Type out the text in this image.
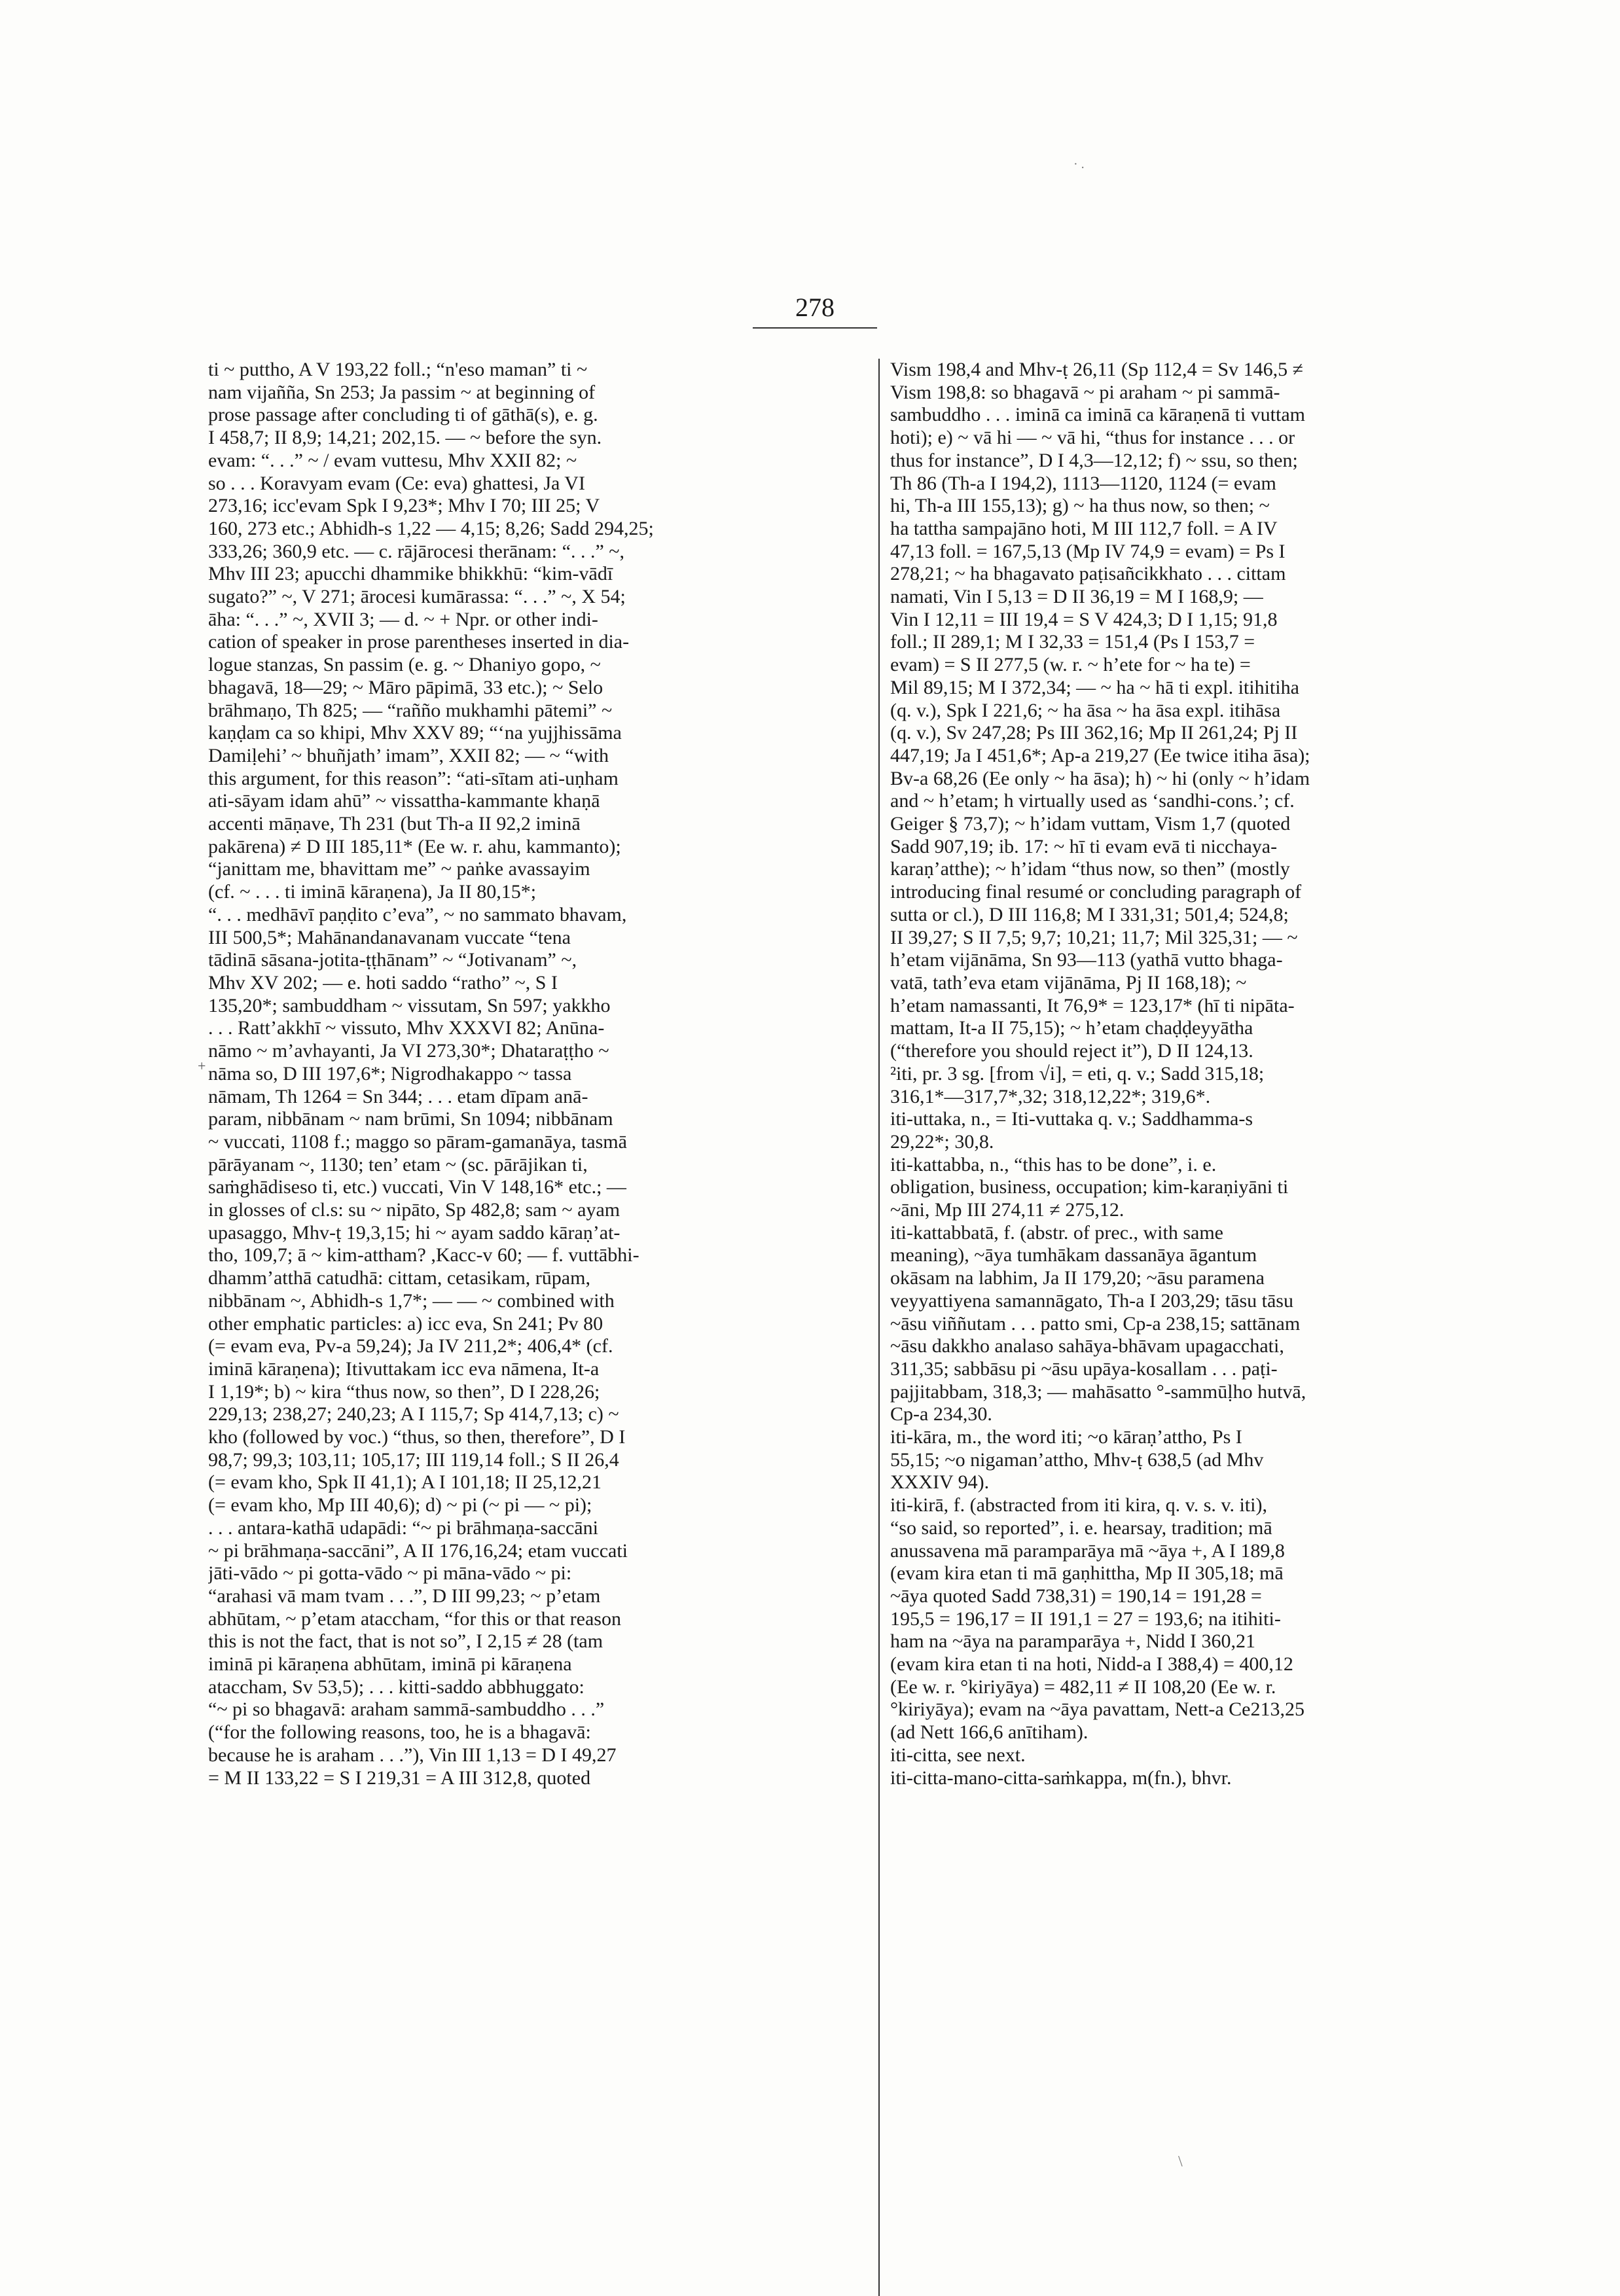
· .
278
+
ti ~ puttho, A V 193,22 foll.; “n'eso maman” ti ~
nam vijañña, Sn 253; Ja passim ~ at beginning of
prose passage after concluding ti of gāthā(s), e. g.
I 458,7; II 8,9; 14,21; 202,15. — ~ before the syn.
evam: “. . .” ~ / evam vuttesu, Mhv XXII 82; ~
so . . . Koravyam evam (Ce: eva) ghattesi, Ja VI
273,16; icc'evam Spk I 9,23*; Mhv I 70; III 25; V
160, 273 etc.; Abhidh-s 1,22 — 4,15; 8,26; Sadd 294,25;
333,26; 360,9 etc. — c. rājārocesi therānam: “. . .” ~,
Mhv III 23; apucchi dhammike bhikkhū: “kim-vādī
sugato?” ~, V 271; ārocesi kumārassa: “. . .” ~, X 54;
āha: “. . .” ~, XVII 3; — d. ~ + Npr. or other indi-
cation of speaker in prose parentheses inserted in dia-
logue stanzas, Sn passim (e. g. ~ Dhaniyo gopo, ~
bhagavā, 18—29; ~ Māro pāpimā, 33 etc.); ~ Selo
brāhmaṇo, Th 825; — “rañño mukhamhi pātemi” ~
kaṇḍam ca so khipi, Mhv XXV 89; “‘na yujjhissāma
Damiḷehi’ ~ bhuñjath’ imam”, XXII 82; — ~ “with
this argument, for this reason”: “ati-sītam ati-uṇham
ati-sāyam idam ahū” ~ vissattha-kammante khaṇā
accenti māṇave, Th 231 (but Th-a II 92,2 iminā
pakārena) ≠ D III 185,11* (Ee w. r. ahu, kammanto);
“janittam me, bhavittam me” ~ paṅke avassayim
(cf. ~ . . . ti iminā kāraṇena), Ja II 80,15*;
“. . . medhāvī paṇḍito c’eva”, ~ no sammato bhavam,
III 500,5*; Mahānandanavanam vuccate “tena
tādinā sāsana-jotita-ṭṭhānam” ~ “Jotivanam” ~,
Mhv XV 202; — e. hoti saddo “ratho” ~, S I
135,20*; sambuddham ~ vissutam, Sn 597; yakkho
. . . Ratt’akkhī ~ vissuto, Mhv XXXVI 82; Anūna-
nāmo ~ m’avhayanti, Ja VI 273,30*; Dhataraṭṭho ~
nāma so, D III 197,6*; Nigrodhakappo ~ tassa
nāmam, Th 1264 = Sn 344; . . . etam dīpam anā-
param, nibbānam ~ nam brūmi, Sn 1094; nibbānam
~ vuccati, 1108 f.; maggo so pāram-gamanāya, tasmā
pārāyanam ~, 1130; ten’ etam ~ (sc. pārājikan ti,
saṁghādiseso ti, etc.) vuccati, Vin V 148,16* etc.; —
in glosses of cl.s: su ~ nipāto, Sp 482,8; sam ~ ayam
upasaggo, Mhv-ṭ 19,3,15; hi ~ ayam saddo kāraṇ’at-
tho, 109,7; ā ~ kim-attham? ,Kacc-v 60; — f. vuttābhi-
dhamm’atthā catudhā: cittam, cetasikam, rūpam,
nibbānam ~, Abhidh-s 1,7*; — — ~ combined with
other emphatic particles: a) icc eva, Sn 241; Pv 80
(= evam eva, Pv-a 59,24); Ja IV 211,2*; 406,4* (cf.
iminā kāraṇena); Itivuttakam icc eva nāmena, It-a
I 1,19*; b) ~ kira “thus now, so then”, D I 228,26;
229,13; 238,27; 240,23; A I 115,7; Sp 414,7,13; c) ~
kho (followed by voc.) “thus, so then, therefore”, D I
98,7; 99,3; 103,11; 105,17; III 119,14 foll.; S II 26,4
(= evam kho, Spk II 41,1); A I 101,18; II 25,12,21
(= evam kho, Mp III 40,6); d) ~ pi (~ pi — ~ pi);
. . . antara-kathā udapādi: “~ pi brāhmaṇa-saccāni
~ pi brāhmaṇa-saccāni”, A II 176,16,24; etam vuccati
jāti-vādo ~ pi gotta-vādo ~ pi māna-vādo ~ pi:
“arahasi vā mam tvam . . .”, D III 99,23; ~ p’etam
abhūtam, ~ p’etam ataccham, “for this or that reason
this is not the fact, that is not so”, I 2,15 ≠ 28 (tam
iminā pi kāraṇena abhūtam, iminā pi kāraṇena
ataccham, Sv 53,5); . . . kitti-saddo abbhuggato:
“~ pi so bhagavā: araham sammā-sambuddho . . .”
(“for the following reasons, too, he is a bhagavā:
because he is araham . . .”), Vin III 1,13 = D I 49,27
= M II 133,22 = S I 219,31 = A III 312,8, quoted
Vism 198,4 and Mhv-ṭ 26,11 (Sp 112,4 = Sv 146,5 ≠
Vism 198,8: so bhagavā ~ pi araham ~ pi sammā-
sambuddho . . . iminā ca iminā ca kāraṇenā ti vuttam
hoti); e) ~ vā hi — ~ vā hi, “thus for instance . . . or
thus for instance”, D I 4,3—12,12; f) ~ ssu, so then;
Th 86 (Th-a I 194,2), 1113—1120, 1124 (= evam
hi, Th-a III 155,13); g) ~ ha thus now, so then; ~
ha tattha sampajāno hoti, M III 112,7 foll. = A IV
47,13 foll. = 167,5,13 (Mp IV 74,9 = evam) = Ps I
278,21; ~ ha bhagavato paṭisañcikkhato . . . cittam
namati, Vin I 5,13 = D II 36,19 = M I 168,9; —
Vin I 12,11 = III 19,4 = S V 424,3; D I 1,15; 91,8
foll.; II 289,1; M I 32,33 = 151,4 (Ps I 153,7 =
evam) = S II 277,5 (w. r. ~ h’ete for ~ ha te) =
Mil 89,15; M I 372,34; — ~ ha ~ hā ti expl. itihitiha
(q. v.), Spk I 221,6; ~ ha āsa ~ ha āsa expl. itihāsa
(q. v.), Sv 247,28; Ps III 362,16; Mp II 261,24; Pj II
447,19; Ja I 451,6*; Ap-a 219,27 (Ee twice itiha āsa);
Bv-a 68,26 (Ee only ~ ha āsa); h) ~ hi (only ~ h’idam
and ~ h’etam; h virtually used as ‘sandhi-cons.’; cf.
Geiger § 73,7); ~ h’idam vuttam, Vism 1,7 (quoted
Sadd 907,19; ib. 17: ~ hī ti evam evā ti nicchaya-
karaṇ’atthe); ~ h’idam “thus now, so then” (mostly
introducing final resumé or concluding paragraph of
sutta or cl.), D III 116,8; M I 331,31; 501,4; 524,8;
II 39,27; S II 7,5; 9,7; 10,21; 11,7; Mil 325,31; — ~
h’etam vijānāma, Sn 93—113 (yathā vutto bhaga-
vatā, tath’eva etam vijānāma, Pj II 168,18); ~
h’etam namassanti, It 76,9* = 123,17* (hī ti nipāta-
mattam, It-a II 75,15); ~ h’etam chaḍḍeyyātha
(“therefore you should reject it”), D II 124,13.
²iti, pr. 3 sg. [from √i], = eti, q. v.; Sadd 315,18;
316,1*—317,7*,32; 318,12,22*; 319,6*.
iti-uttaka, n., = Iti-vuttaka q. v.; Saddhamma-s
29,22*; 30,8.
iti-kattabba, n., “this has to be done”, i. e.
obligation, business, occupation; kim-karaṇiyāni ti
~āni, Mp III 274,11 ≠ 275,12.
iti-kattabbatā, f. (abstr. of prec., with same
meaning), ~āya tumhākam dassanāya āgantum
okāsam na labhim, Ja II 179,20; ~āsu paramena
veyyattiyena samannāgato, Th-a I 203,29; tāsu tāsu
~āsu viññutam . . . patto smi, Cp-a 238,15; sattānam
~āsu dakkho analaso sahāya-bhāvam upagacchati,
311,35; sabbāsu pi ~āsu upāya-kosallam . . . paṭi-
pajjitabbam, 318,3; — mahāsatto °-sammūḷho hutvā,
Cp-a 234,30.
iti-kāra, m., the word iti; ~o kāraṇ’attho, Ps I
55,15; ~o nigaman’attho, Mhv-ṭ 638,5 (ad Mhv
XXXIV 94).
iti-kirā, f. (abstracted from iti kira, q. v. s. v. iti),
“so said, so reported”, i. e. hearsay, tradition; mā
anussavena mā paramparāya mā ~āya +, A I 189,8
(evam kira etan ti mā gaṇhittha, Mp II 305,18; mā
~āya quoted Sadd 738,31) = 190,14 = 191,28 =
195,5 = 196,17 = II 191,1 = 27 = 193,6; na itihiti-
ham na ~āya na paramparāya +, Nidd I 360,21
(evam kira etan ti na hoti, Nidd-a I 388,4) = 400,12
(Ee w. r. °kiriyāya) = 482,11 ≠ II 108,20 (Ee w. r.
°kiriyāya); evam na ~āya pavattam, Nett-a Ce213,25
(ad Nett 166,6 anītiham).
iti-citta, see next.
iti-citta-mano-citta-saṁkappa, m(fn.), bhvr.
\
